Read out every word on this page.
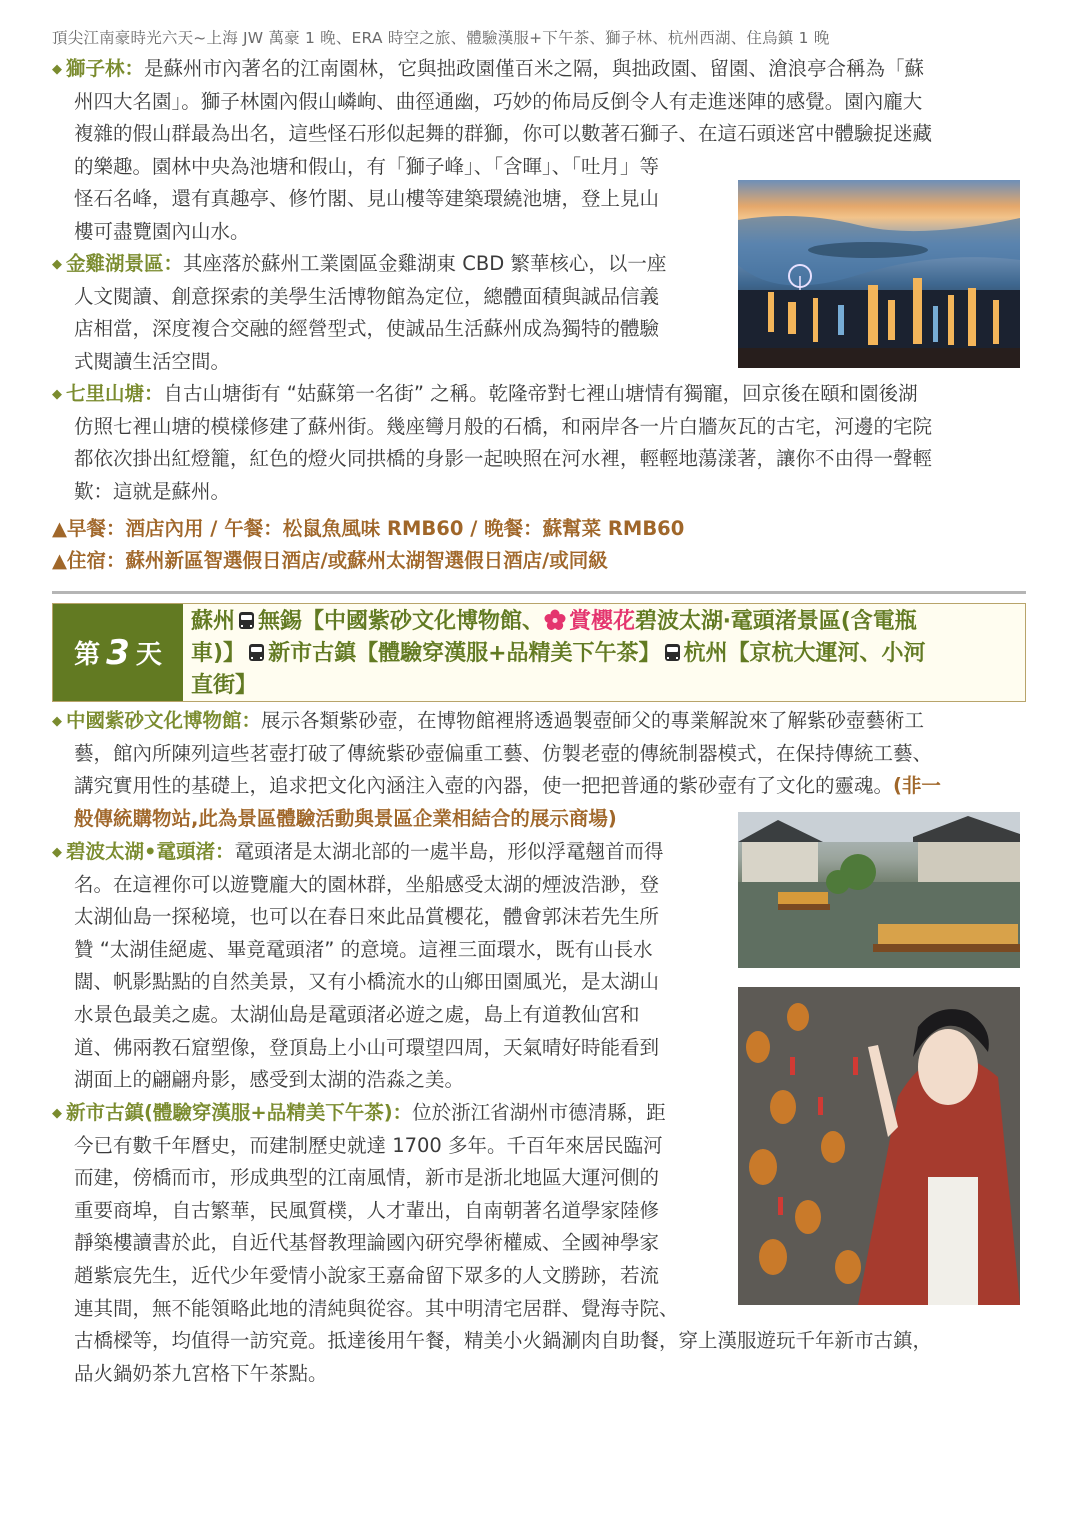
頂尖江南豪時光六天~上海 JW 萬豪 1 晚、ERA 時空之旅、體驗漢服+下午茶、獅子林、杭州西湖、住烏鎮 1 晚
◆ 獅子林：是蘇州市內著名的江南園林，它與拙政園僅百米之隔，與拙政園、留園、滄浪亭合稱為「蘇
州四大名園」。獅子林園內假山嶙峋、曲徑通幽，巧妙的佈局反倒令人有走進迷陣的感覺。園內龐大
複雜的假山群最為出名，這些怪石形似起舞的群獅，你可以數著石獅子、在這石頭迷宮中體驗捉迷藏
的樂趣。園林中央為池塘和假山，有「獅子峰」、「含暉」、「吐月」等
怪石名峰，還有真趣亭、修竹閣、見山樓等建築環繞池塘，登上見山
樓可盡覽園內山水。
◆ 金雞湖景區：其座落於蘇州工業園區金雞湖東 CBD 繁華核心，以一座
人文閱讀、創意探索的美學生活博物館為定位，總體面積與誠品信義
店相當，深度複合交融的經營型式，使誠品生活蘇州成為獨特的體驗
式閱讀生活空間。
◆ 七里山塘：自古山塘街有 “姑蘇第一名街” 之稱。乾隆帝對七裡山塘情有獨寵，回京後在頤和園後湖
仿照七裡山塘的模樣修建了蘇州街。幾座彎月般的石橋，和兩岸各一片白牆灰瓦的古宅，河邊的宅院
都依次掛出紅燈籠，紅色的燈火同拱橋的身影一起映照在河水裡，輕輕地蕩漾著，讓你不由得一聲輕
歎：這就是蘇州。
▲早餐：酒店內用 / 午餐：松鼠魚風味 RMB60 / 晚餐：蘇幫菜 RMB60
▲住宿：蘇州新區智選假日酒店/或蘇州太湖智選假日酒店/或同級
第 3 天
蘇州 無錫【中國紫砂文化博物館、 賞櫻花碧波太湖‧鼋頭渚景區(含電瓶
車)】 新市古鎮【體驗穿漢服+品精美下午茶】 杭州【京杭大運河、小河
直街】
◆ 中國紫砂文化博物館：展示各類紫砂壺，在博物館裡將透過製壺師父的專業解說來了解紫砂壺藝術工
藝，館內所陳列這些茗壺打破了傳統紫砂壺偏重工藝、仿製老壺的傳統制器模式，在保持傳統工藝、
講究實用性的基礎上，追求把文化內涵注入壺的內器，使一把把普通的紫砂壺有了文化的靈魂。(非一
般傳統購物站,此為景區體驗活動與景區企業相結合的展示商場)
◆ 碧波太湖•鼋頭渚：鼋頭渚是太湖北部的一處半島，形似浮鼋翹首而得
名。在這裡你可以遊覽龐大的園林群，坐船感受太湖的煙波浩渺，登
太湖仙島一探秘境，也可以在春日來此品賞櫻花，體會郭沫若先生所
贊 “太湖佳絕處、畢竟鼋頭渚” 的意境。這裡三面環水，既有山長水
闊、帆影點點的自然美景，又有小橋流水的山鄉田園風光，是太湖山
水景色最美之處。太湖仙島是鼋頭渚必遊之處，島上有道教仙宮和
道、佛兩教石窟塑像，登頂島上小山可環望四周，天氣晴好時能看到
湖面上的翩翩舟影，感受到太湖的浩淼之美。
◆ 新市古鎮(體驗穿漢服+品精美下午茶)：位於浙江省湖州市德清縣，距
今已有數千年曆史，而建制歷史就達 1700 多年。千百年來居民臨河
而建，傍橋而市，形成典型的江南風情，新市是浙北地區大運河側的
重要商埠，自古繁華，民風質樸，人才輩出，自南朝著名道學家陸修
靜築樓讀書於此，自近代基督教理論國內研究學術權威、全國神學家
趙紫宸先生，近代少年愛情小說家王嘉侖留下眾多的人文勝跡，若流
連其間，無不能領略此地的清純與從容。其中明清宅居群、覺海寺院、
古橋樑等，均值得一訪究竟。抵達後用午餐，精美小火鍋涮肉自助餐，穿上漢服遊玩千年新市古鎮，
品火鍋奶茶九宮格下午茶點。
